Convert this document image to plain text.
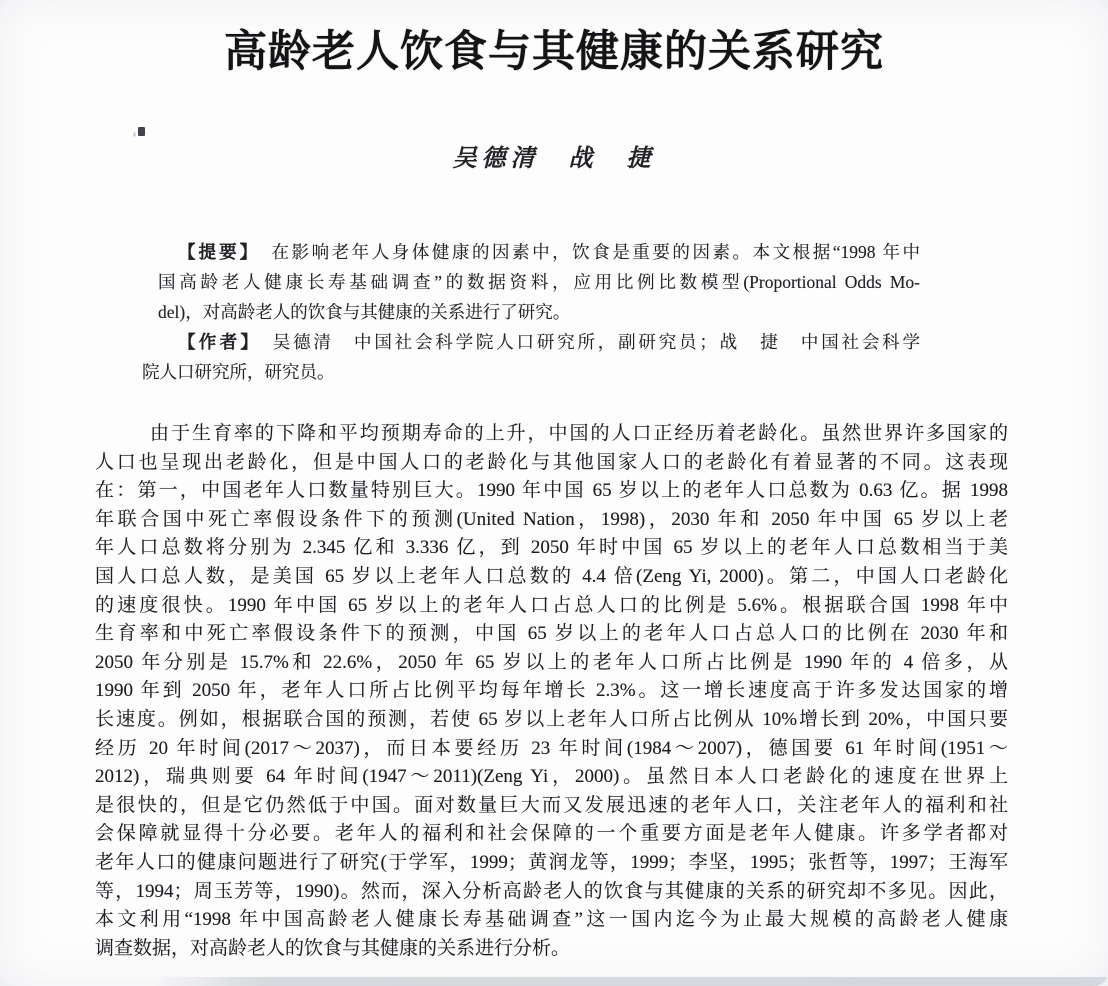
高龄老人饮食与其健康的关系研究
吴德清　战　捷

【提要】　在影响老年人身体健康的因素中，饮食是重要的因素。本文根据“1998 年中

国高龄老人健康长寿基础调查”的数据资料，应用比例比数模型(Proportional Odds Mo-

del)，对高龄老人的饮食与其健康的关系进行了研究。

【作者】　吴德清　中国社会科学院人口研究所，副研究员；战　捷　中国社会科学

院人口研究所，研究员。

由于生育率的下降和平均预期寿命的上升，中国的人口正经历着老龄化。虽然世界许多国家的

人口也呈现出老龄化，但是中国人口的老龄化与其他国家人口的老龄化有着显著的不同。这表现

在：第一，中国老年人口数量特别巨大。1990 年中国 65 岁以上的老年人口总数为 0.63 亿。据 1998

年联合国中死亡率假设条件下的预测(United Nation，1998)，2030 年和 2050 年中国 65 岁以上老

年人口总数将分别为 2.345 亿和 3.336 亿，到 2050 年时中国 65 岁以上的老年人口总数相当于美

国人口总人数，是美国 65 岁以上老年人口总数的 4.4 倍(Zeng Yi, 2000)。第二，中国人口老龄化

的速度很快。1990 年中国 65 岁以上的老年人口占总人口的比例是 5.6%。根据联合国 1998 年中

生育率和中死亡率假设条件下的预测，中国 65 岁以上的老年人口占总人口的比例在 2030 年和

2050 年分别是 15.7%和 22.6%，2050 年 65 岁以上的老年人口所占比例是 1990 年的 4 倍多，从

1990 年到 2050 年，老年人口所占比例平均每年增长 2.3%。这一增长速度高于许多发达国家的增

长速度。例如，根据联合国的预测，若使 65 岁以上老年人口所占比例从 10%增长到 20%，中国只要

经历 20 年时间(2017～2037)，而日本要经历 23 年时间(1984～2007)，德国要 61 年时间(1951～

2012)，瑞典则要 64 年时间(1947～2011)(Zeng Yi，2000)。虽然日本人口老龄化的速度在世界上

是很快的，但是它仍然低于中国。面对数量巨大而又发展迅速的老年人口，关注老年人的福利和社

会保障就显得十分必要。老年人的福利和社会保障的一个重要方面是老年人健康。许多学者都对

老年人口的健康问题进行了研究(于学军，1999；黄润龙等，1999；李坚，1995；张哲等，1997；王海军

等，1994；周玉芳等，1990)。然而，深入分析高龄老人的饮食与其健康的关系的研究却不多见。因此，

本文利用“1998 年中国高龄老人健康长寿基础调查”这一国内迄今为止最大规模的高龄老人健康

调查数据，对高龄老人的饮食与其健康的关系进行分析。
